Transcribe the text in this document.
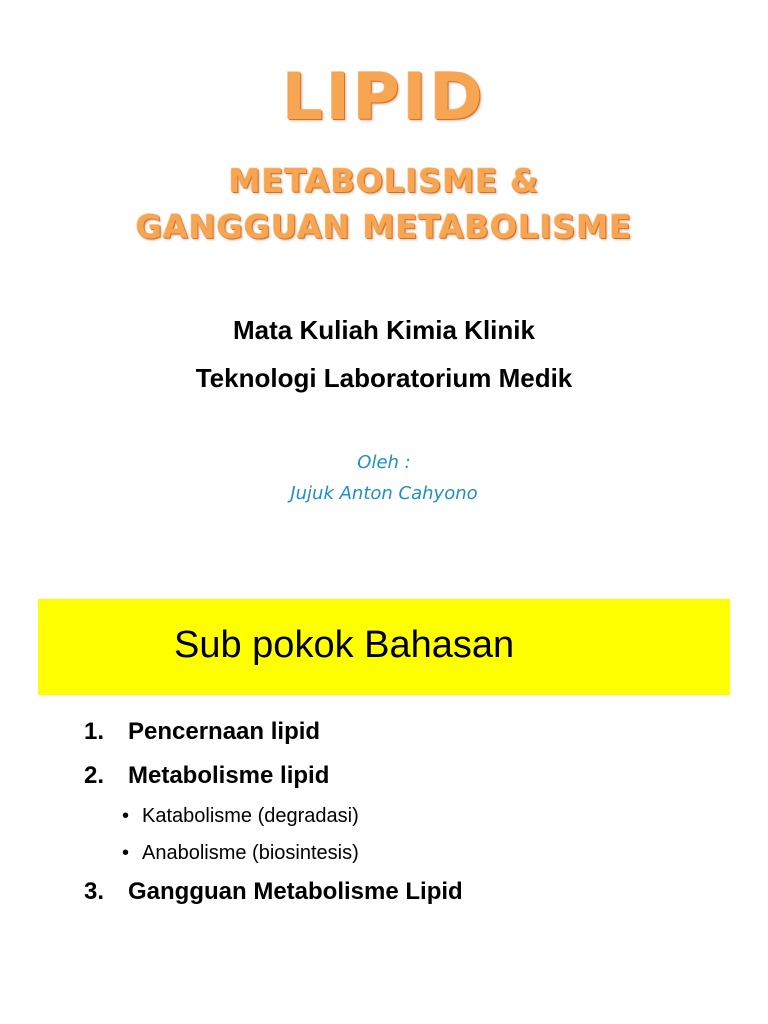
LIPID
METABOLISME &
GANGGUAN METABOLISME
Mata Kuliah Kimia Klinik
Teknologi Laboratorium Medik
Oleh :
Jujuk Anton Cahyono
Sub pokok Bahasan
1. Pencernaan lipid
2. Metabolisme lipid
• Katabolisme (degradasi)
• Anabolisme (biosintesis)
3. Gangguan Metabolisme Lipid
